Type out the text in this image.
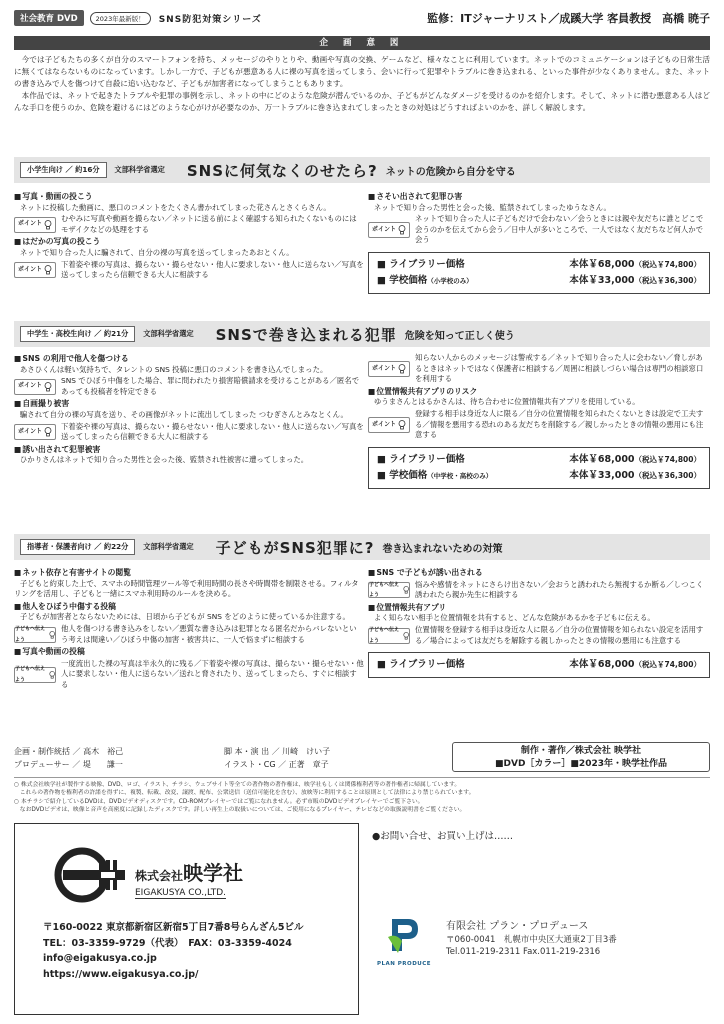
社会教育 DVD	2023年最新版！	SNS防犯対策シリーズ	監修：ITジャーナリスト／成蹊大学 客員教授　高橋 暁子
企 画 意 図

今では子どもたちの多くが自分のスマートフォンを持ち、メッセージのやりとりや、動画や写真の交換、ゲームなど、様々なことに利用しています。ネットでのコミュニケーションは子どもの日常生活に無くてはならないものになっています。しかし一方で、子どもが悪意ある人に裸の写真を送ってしまう、会いに行って犯罪やトラブルに巻き込まれる、といった事件が少なくありません。また、ネットの書き込みで人を傷つけて自殺に追い込むなど、子どもが加害者になってしまうこともあります。

本作品では、ネットで起きたトラブルや犯罪の事例を示し、ネットの中にどのような危険が潜んでいるのか、子どもがどんなダメージを受けるのかを紹介します。そして、ネットに潜む悪意ある人はどんな手口を使うのか、危険を避けるにはどのような心がけが必要なのか、万一トラブルに巻き込まれてしまったときの対処はどうすればよいのかを、詳しく解説します。

小学生向け ／ 約16分	文部科学省選定 SNSに何気なくのせたら? ネットの危険から自分を守る
■ 写真・動画の投こう
ネットに投稿した動画に、悪口のコメントをたくさん書かれてしまった花さんとさくらさん。
ポイント
むやみに写真や動画を撮らない／ネットに送る前によく確認する知られたくないものにはモザイクなどの処理をする
■ はだかの写真の投こう
ネットで知り合った人に騙されて、自分の裸の写真を送ってしまったあおとくん。
ポイント
下着姿や裸の写真は、撮らない・撮らせない・他人に要求しない・他人に送らない／写真を送ってしまったら信頼できる大人に相談する
■ さそい出されて犯罪ひ害
ネットで知り合った男性と会った後、監禁されてしまったゆうなさん。
ポイント
ネットで知り合った人に子どもだけで会わない／会うときには親や友だちに誰とどこで会うのかを伝えてから会う／日中人が多いところで、一人ではなく友だちなど何人かで会う
■ ライブラリー価格	本体￥68,000（税込￥74,800）
■ 学校価格（小学校のみ）	本体￥33,000（税込￥36,300）
中学生・高校生向け ／ 約21分	文部科学省選定 SNSで巻き込まれる犯罪 危険を知って正しく使う
■ SNS の利用で他人を傷つける
あさひくんは軽い気持ちで、タレントの SNS 投稿に悪口のコメントを書き込んでしまった。
ポイント
SNS でひぼう中傷をした場合、罪に問われたり損害賠償請求を受けることがある／匿名であっても投稿者を特定できる
■ 自画撮り被害
騙されて自分の裸の写真を送り、その画像がネットに流出してしまった つむぎさんとみなとくん。
ポイント
下着姿や裸の写真は、撮らない・撮らせない・他人に要求しない・他人に送らない／写真を送ってしまったら信頼できる大人に相談する
■ 誘い出されて犯罪被害
ひかりさんはネットで知り合った男性と会った後、監禁され性被害に遭ってしまった。
ポイント
知らない人からのメッセージは警戒する／ネットで知り合った人に会わない／脅しがあるときはネットではなく保護者に相談する／周囲に相談しづらい場合は専門の相談窓口を利用する
■ 位置情報共有アプリのリスク
ゆうまさんとはるかさんは、待ち合わせに位置情報共有アプリを使用している。
ポイント
登録する相手は身近な人に限る／自分の位置情報を知られたくないときは設定で工夫する／情報を悪用する恐れのある友だちを削除する／親しかったときの情報の悪用にも注意する
■ ライブラリー価格	本体￥68,000（税込￥74,800）
■ 学校価格（中学校・高校のみ）	本体￥33,000（税込￥36,300）
指導者・保護者向け ／ 約22分	文部科学省選定 子どもがSNS犯罪に? 巻き込まれないための対策
■ ネット依存と有害サイトの閲覧
子どもと約束した上で、スマホの時間管理ツール等で利用時間の長さや時間帯を制限させる。フィルタリングを活用し、子どもと一緒にスマホ利用時のルールを決める。
■ 他人をひぼう中傷する投稿
子どもが加害者とならないためには、日頃から子どもが SNS をどのように使っているか注意する。
子どもへ伝えよう
他人を傷つける書き込みをしない／悪質な書き込みは犯罪となる匿名だからバレないという考えは間違い／ひぼう中傷の加害・被害共に、一人で悩まずに相談する
■ 写真や動画の投稿
子どもへ伝えよう
一度流出した裸の写真は半永久的に残る／下着姿や裸の写真は、撮らない・撮らせない・他人に要求しない・他人に送らない／送れと脅されたり、送ってしまったら、すぐに相談する
■ SNS で子どもが誘い出される
子どもへ伝えよう
悩みや感情をネットにさらけ出さない／会おうと誘われたら無視するか断る／しつこく誘われたら親か先生に相談する
■ 位置情報共有アプリ
よく知らない相手と位置情報を共有すると、どんな危険があるかを子どもに伝える。
子どもへ伝えよう
位置情報を登録する相手は身近な人に限る／自分の位置情報を知られない設定を活用する／場合によっては友だちを解除する親しかったときの情報の悪用にも注意する
■ ライブラリー価格	本体￥68,000（税込￥74,800）
企画・制作統括 ／ 高木　裕己	脚 本・演 出 ／ 川崎　けい子
プロデューサー ／ 堤　　謙一	イラスト・CG ／ 正著　章子
制作・著作／株式会社 映学社
■DVD［カラー］■2023年・映学社作品
○ 株式会社映学社が製作する映像、DVD、ロゴ、イラスト、チラシ、ウェブサイト等全ての著作物の著作権は、映学社もしくは関係権利者等の著作権者に帰属しています。
　これらの著作物を権利者の許諾を得ずに、複製、転載、改変、譲渡、配布、公衆送信（送信可能化を含む）、放映等に利用することは原則として法律により禁じられています。
○ 本チラシで紹介しているDVDは、DVDビデオディスクです。CD-ROMプレイヤーではご覧になれません。必ず市販のDVDビデオプレイヤーでご覧下さい。
　なおDVDビデオは、映像と音声を高密度に記録したディスクです。詳しい再生上の取扱いについては、ご使用になるプレイヤー、テレビなどの取扱説明書をご覧ください。
株式会社映学社
EIGAKUSYA CO.,LTD.
〒160-0022 東京都新宿区新宿5丁目7番8号らんざん5ビル
TEL：03-3359-9729（代表）　FAX：03-3359-4024
info@eigakusya.co.jp
https://www.eigakusya.co.jp/
●お問い合せ、お買い上げは……
PLAN PRODUCE
有限会社 プラン・プロデュース
〒060-0041　札幌市中央区大通東2丁目3番
Tel.011-219-2311 Fax.011-219-2316
